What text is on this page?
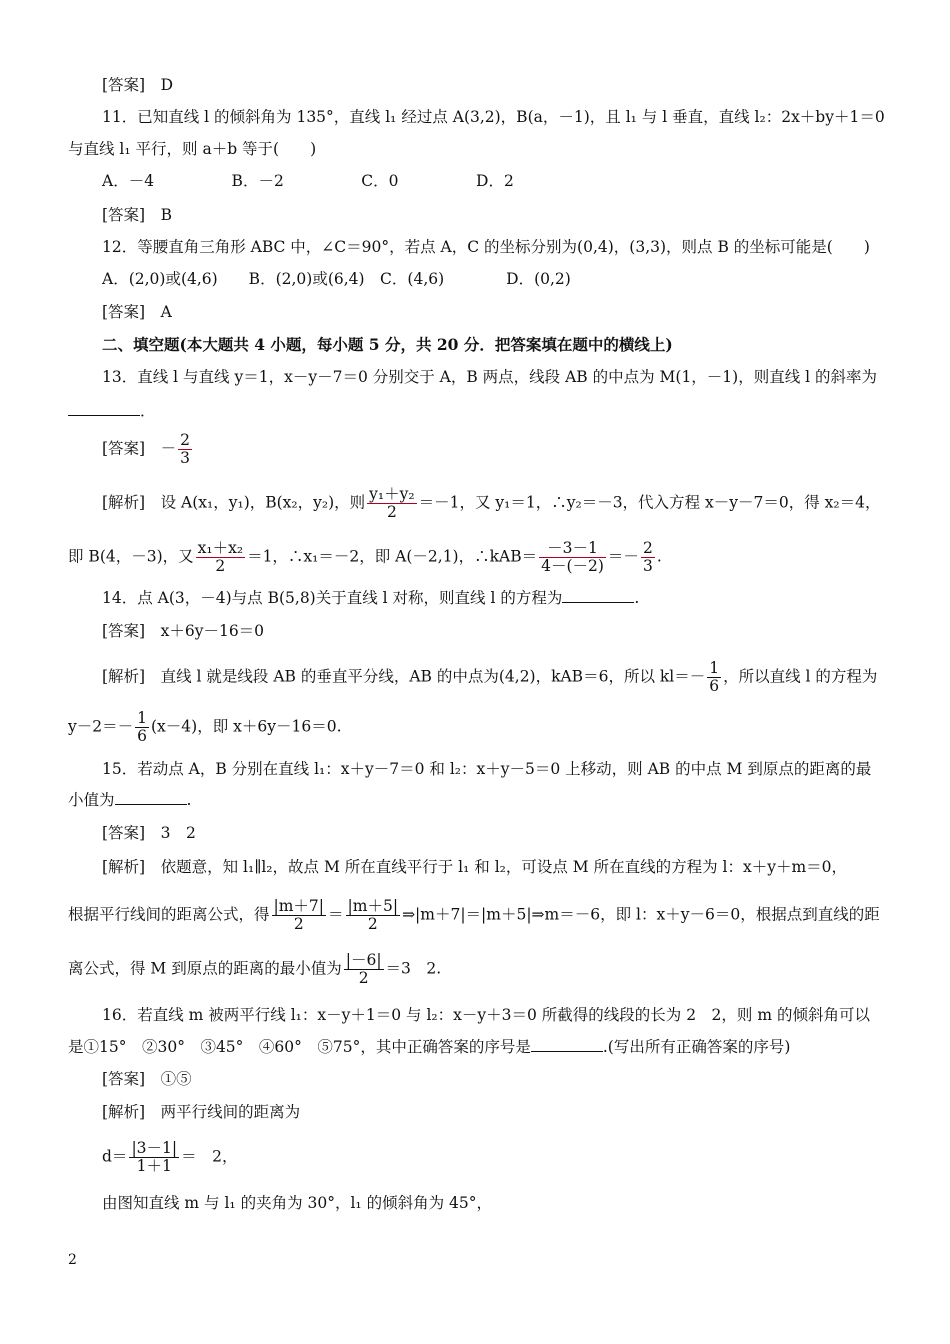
[答案]　D
11．已知直线 l 的倾斜角为 135°，直线 l₁ 经过点 A(3,2)，B(a，－1)，且 l₁ 与 l 垂直，直线 l₂：2x＋by＋1＝0
与直线 l₁ 平行，则 a＋b 等于(　　)
A．－4　　　　　B．－2　　　　　C．0　　　　　D．2
[答案]　B
12．等腰直角三角形 ABC 中，∠C＝90°，若点 A，C 的坐标分别为(0,4)，(3,3)，则点 B 的坐标可能是(　　)
A．(2,0)或(4,6)　　B．(2,0)或(6,4)　C．(4,6)　　　　D．(0,2)
[答案]　A
二、填空题(本大题共 4 小题，每小题 5 分，共 20 分．把答案填在题中的横线上)
13．直线 l 与直线 y＝1，x－y－7＝0 分别交于 A，B 两点，线段 AB 的中点为 M(1，－1)，则直线 l 的斜率为
．
[答案]　－ $\frac{2}{3}$
[解析]　设 A(x₁，y₁)，B(x₂，y₂)，则 $\frac{\text{y₁＋y₂}}{2} =-1$，又 y₁＝1，∴y₂＝－3，代入方程 x－y－7＝0，得 x₂＝4，
即 B(4，－3)，又 $\frac{\text{x₁＋x₂}}{2} =1$，∴x₁＝－2，即 A(－2,1)，∴kAB＝ $\frac{-3-1}{4-(-2)} =- \frac{2}{3}$ .
14．点 A(3，－4)与点 B(5,8)关于直线 l 对称，则直线 l 的方程为	.
[答案]　x＋6y－16＝0
[解析]　直线 l 就是线段 AB 的垂直平分线，AB 的中点为(4,2)，kAB＝6，所以 $kl=- \frac{1}{6}$ ，所以直线 l 的方程为
$y-2=- \frac{1}{6} (x-4)$，即 x＋6y－16＝0.
15．若动点 A，B 分别在直线 l₁：x＋y－7＝0 和 l₂：x＋y－5＝0 上移动，则 AB 的中点 M 到原点的距离的最
小值为	.
[答案]　3　2
[解析]　依题意，知 l₁∥l₂，故点 M 所在直线平行于 l₁ 和 l₂，可设点 M 所在直线的方程为 l：x＋y＋m＝0，
根据平行线间的距离公式，得 $\frac{|m+7|}{2} = \frac{|m+5|}{2}$ ⇒|m＋7|＝|m＋5|⇒m＝－6，即 l：x＋y－6＝0，根据点到直线的距
离公式，得 M 到原点的距离的最小值为 $\frac{|-6|}{2} =3$　2.
16．若直线 m 被两平行线 l₁：x－y＋1＝0 与 l₂：x－y＋3＝0 所截得的线段的长为 2　2，则 m 的倾斜角可以
是①15°　②30°　③45°　④60°　⑤75°，其中正确答案的序号是	.(写出所有正确答案的序号)
[答案]　①⑤
[解析]　两平行线间的距离为
$d= \frac{|3-1|}{1+1}$ ＝　2，
由图知直线 m 与 l₁ 的夹角为 30°，l₁ 的倾斜角为 45°，
2
